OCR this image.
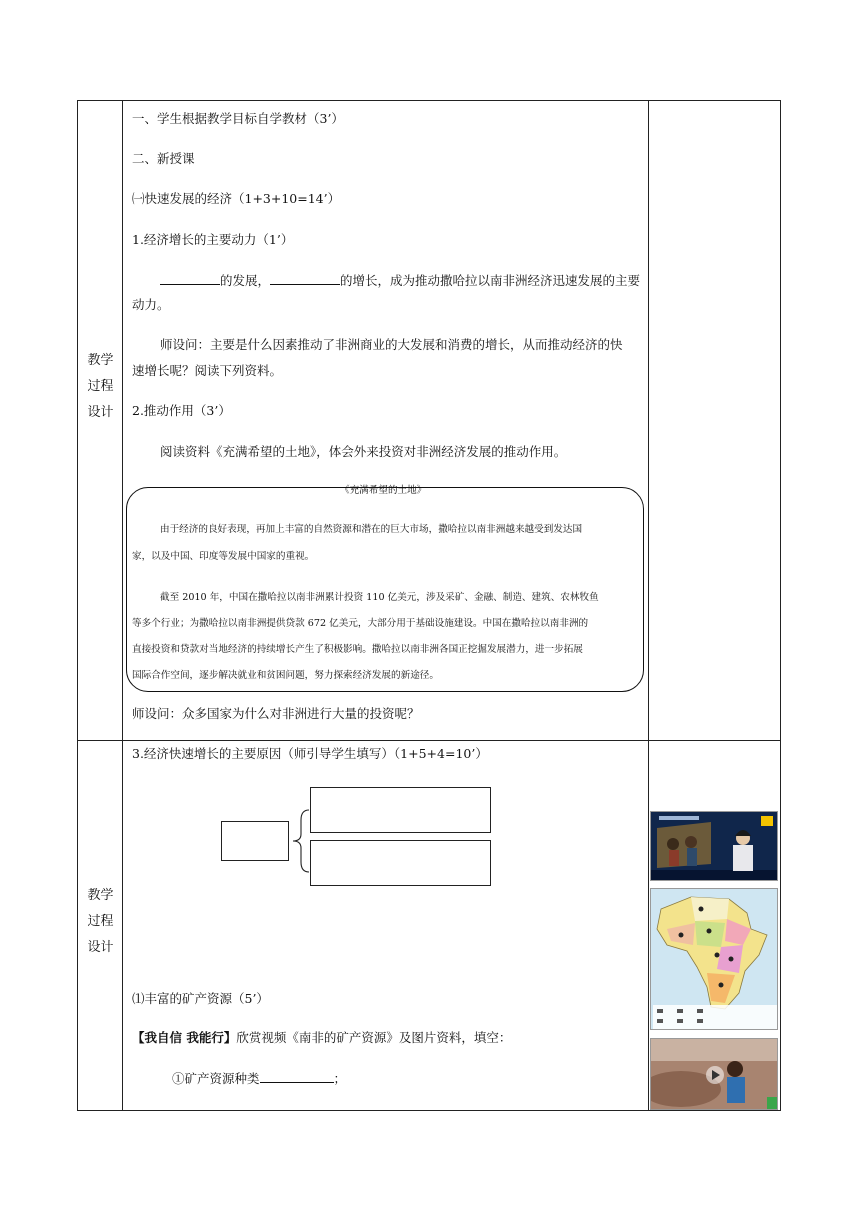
教学
过程
设计
教学
过程
设计
一、学生根据教学目标自学教材（3’）
二、新授课
㈠快速发展的经济（1+3+10=14’）
1.经济增长的主要动力（1’）
的发展，	的增长，成为推动撒哈拉以南非洲经济迅速发展的主要
动力。
师设问：主要是什么因素推动了非洲商业的大发展和消费的增长，从而推动经济的快
速增长呢？阅读下列资料。
2.推动作用（3’）
阅读资料《充满希望的土地》，体会外来投资对非洲经济发展的推动作用。
《充满希望的土地》
由于经济的良好表现，再加上丰富的自然资源和潜在的巨大市场，撒哈拉以南非洲越来越受到发达国
家，以及中国、印度等发展中国家的重视。
截至 2010 年，中国在撒哈拉以南非洲累计投资 110 亿美元，涉及采矿、金融、制造、建筑、农林牧鱼
等多个行业；为撒哈拉以南非洲提供贷款 672 亿美元，大部分用于基础设施建设。中国在撒哈拉以南非洲的
直接投资和贷款对当地经济的持续增长产生了积极影响。撒哈拉以南非洲各国正挖掘发展潜力，进一步拓展
国际合作空间，逐步解决就业和贫困问题，努力探索经济发展的新途径。
师设问：众多国家为什么对非洲进行大量的投资呢？
3.经济快速增长的主要原因（师引导学生填写）（1+5+4=10’）
⑴丰富的矿产资源（5’）
【我自信 我能行】欣赏视频《南非的矿产资源》及图片资料，填空：
①矿产资源种类	；
